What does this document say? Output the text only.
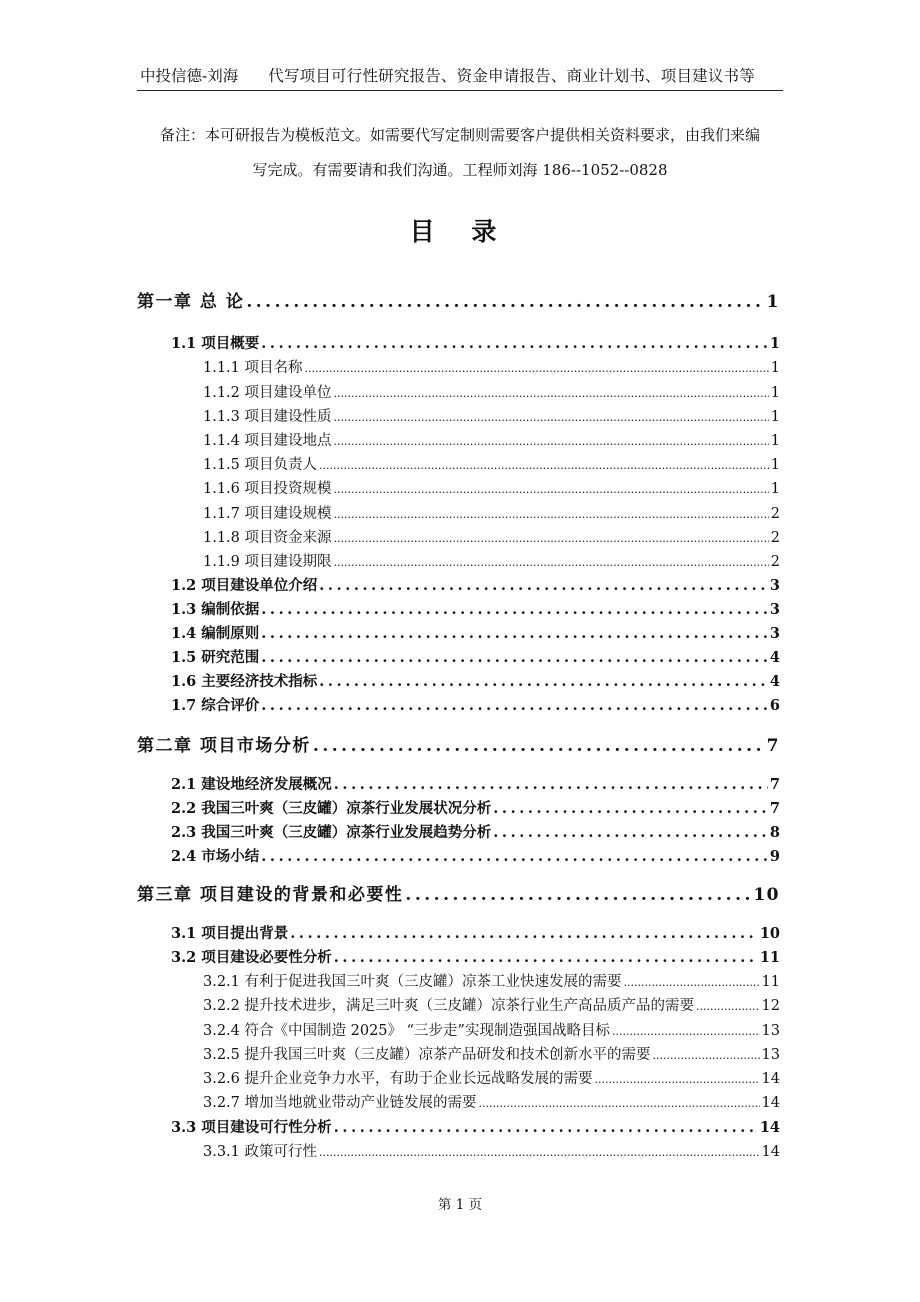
中投信德-刘海 代写项目可行性研究报告、资金申请报告、商业计划书、项目建议书等
备注：本可研报告为模板范文。如需要代写定制则需要客户提供相关资料要求，由我们来编
写完成。有需要请和我们沟通。工程师刘海 186--1052--0828
目 录
第一章 总 论 .....	1
1.1 项目概要 .....	1
1.1.1 项目名称 .....	1
1.1.2 项目建设单位 .....	1
1.1.3 项目建设性质 .....	1
1.1.4 项目建设地点 .....	1
1.1.5 项目负责人 .....	1
1.1.6 项目投资规模 .....	1
1.1.7 项目建设规模 .....	2
1.1.8 项目资金来源 .....	2
1.1.9 项目建设期限 .....	2
1.2 项目建设单位介绍 .....	3
1.3 编制依据 .....	3
1.4 编制原则 .....	3
1.5 研究范围 .....	4
1.6 主要经济技术指标 .....	4
1.7 综合评价 .....	6
第二章 项目市场分析 .....	7
2.1 建设地经济发展概况 .....	7
2.2 我国三叶爽（三皮罐）凉茶行业发展状况分析 .....	7
2.3 我国三叶爽（三皮罐）凉茶行业发展趋势分析 .....	8
2.4 市场小结 .....	9
第三章 项目建设的背景和必要性 .....	10
3.1 项目提出背景 .....	10
3.2 项目建设必要性分析 .....	11
3.2.1 有利于促进我国三叶爽（三皮罐）凉茶工业快速发展的需要 .....	11
3.2.2 提升技术进步，满足三叶爽（三皮罐）凉茶行业生产高品质产品的需要 .....	12
3.2.4 符合《中国制造 2025》 “三步走”实现制造强国战略目标 .....	13
3.2.5 提升我国三叶爽（三皮罐）凉茶产品研发和技术创新水平的需要 .....	13
3.2.6 提升企业竞争力水平，有助于企业长远战略发展的需要 .....	14
3.2.7 增加当地就业带动产业链发展的需要 .....	14
3.3 项目建设可行性分析 .....	14
3.3.1 政策可行性 .....	14
第 1 页
